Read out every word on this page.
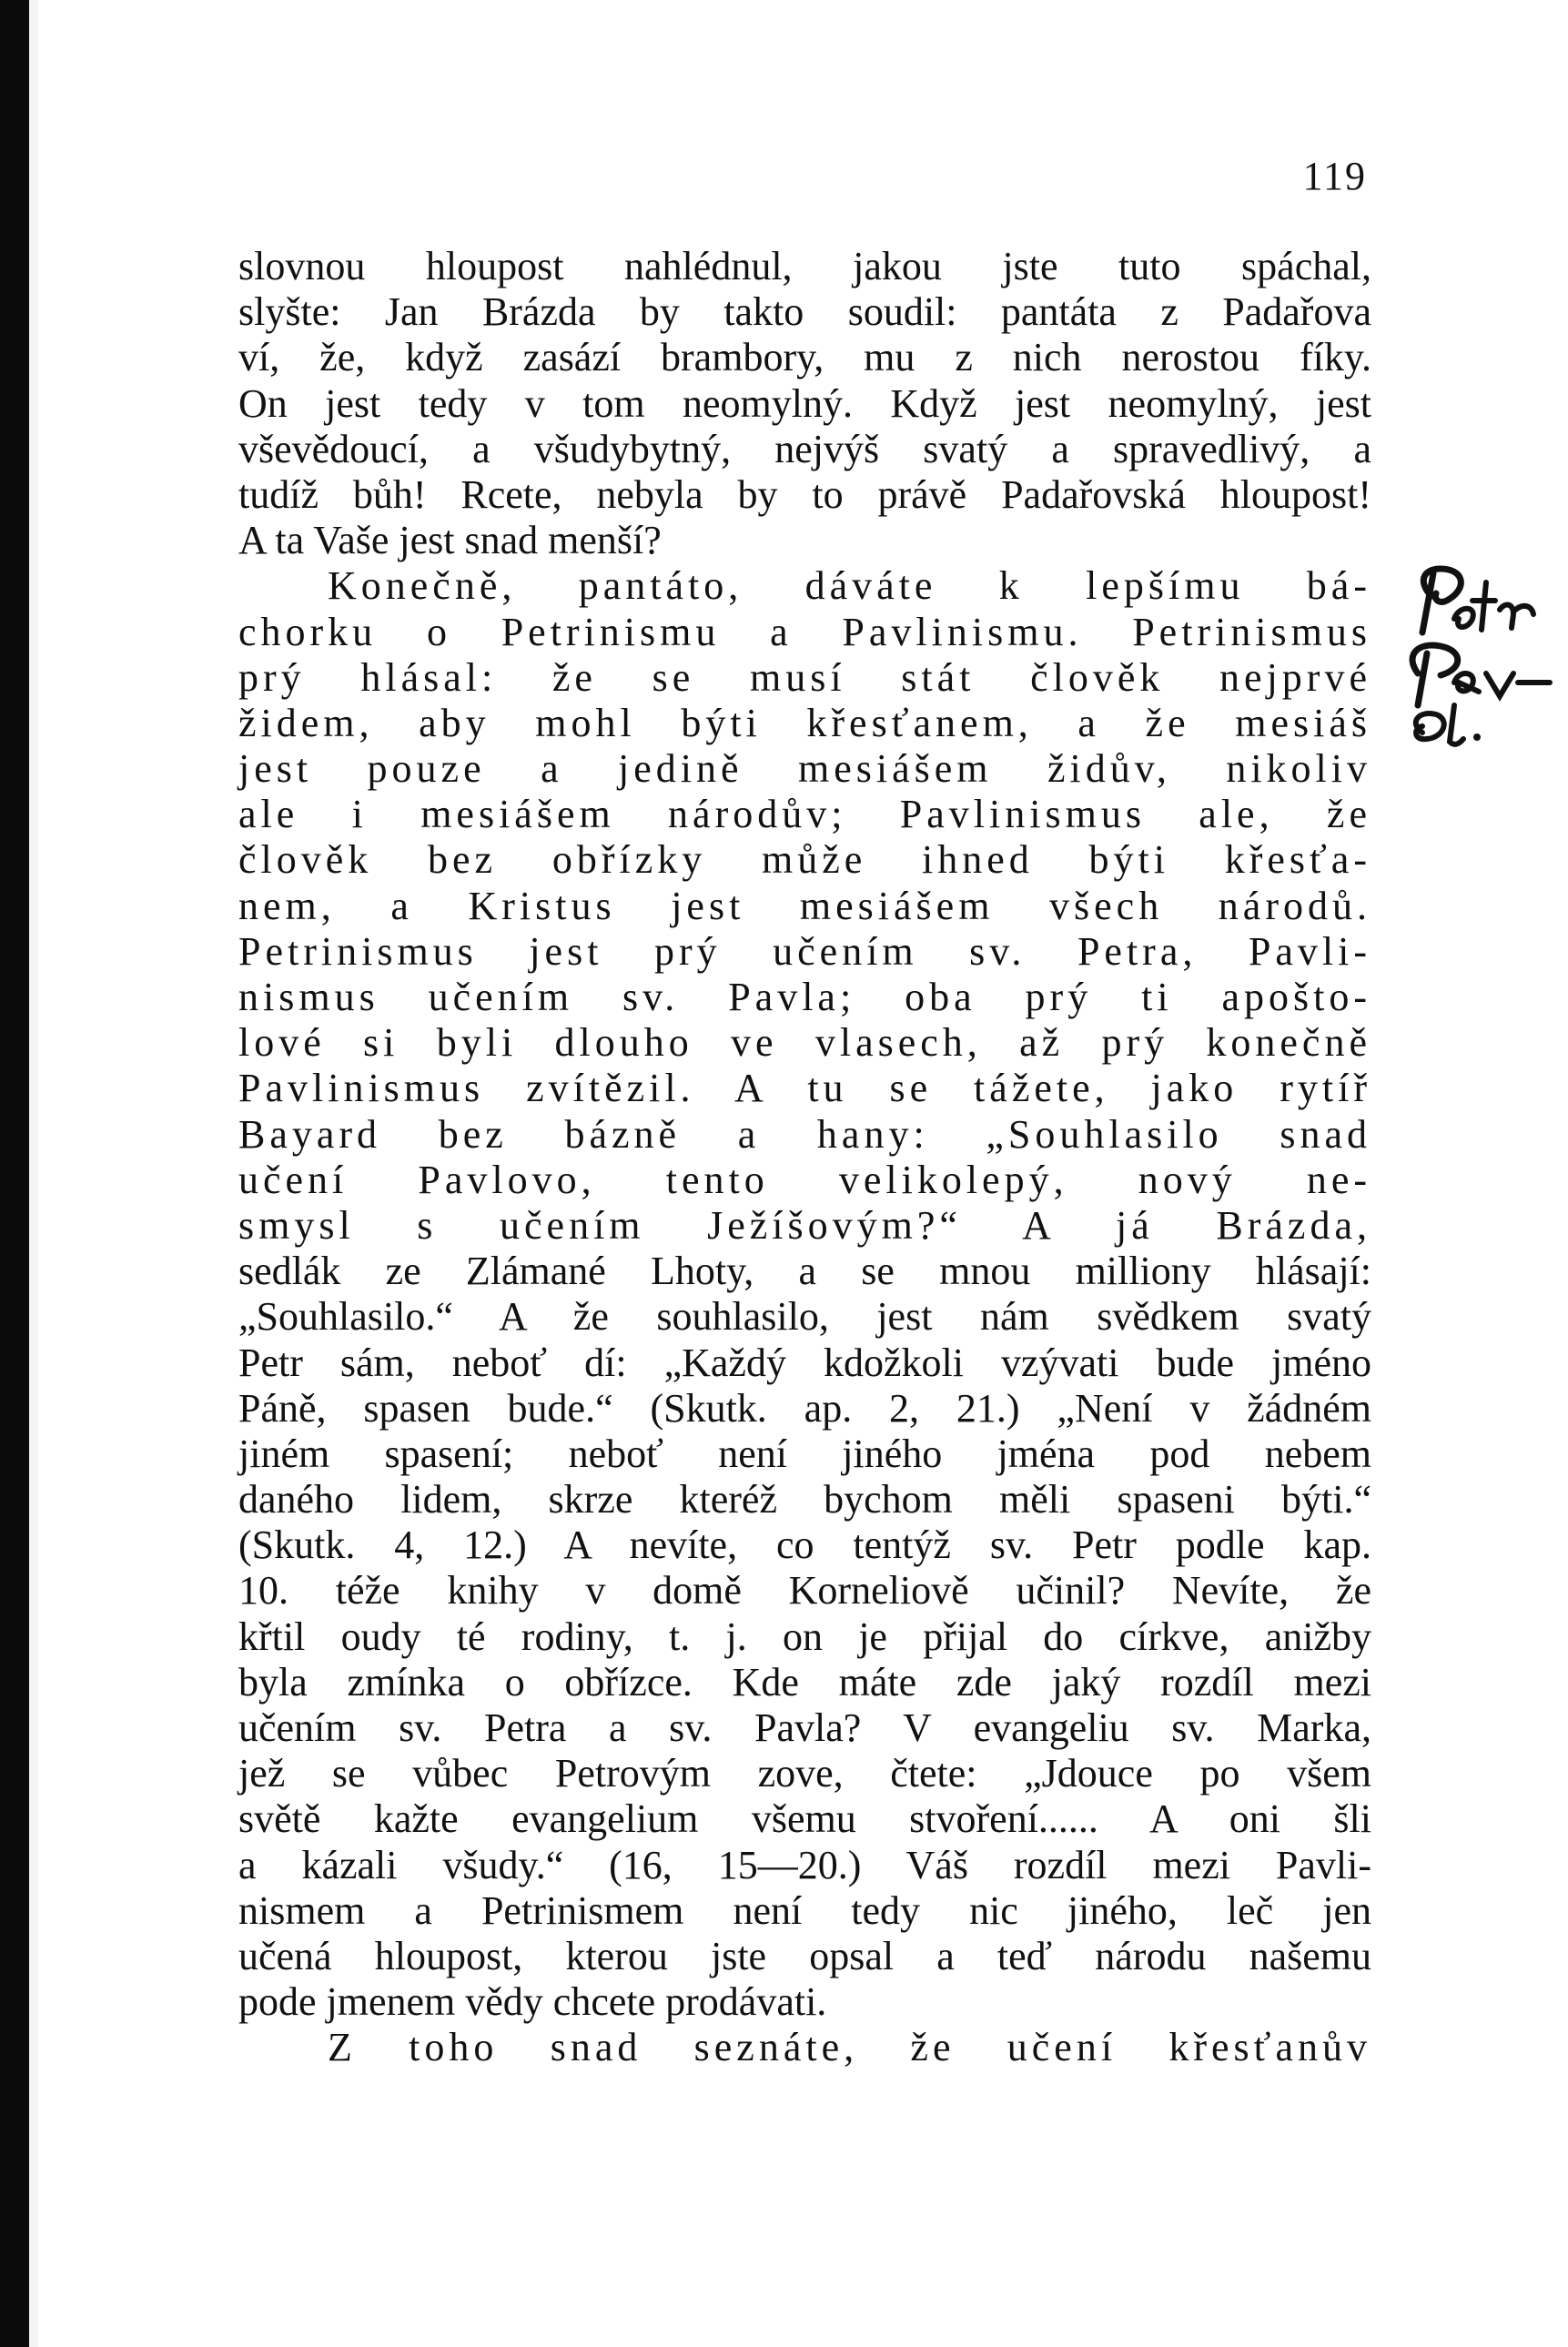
119
slovnou hloupost nahlédnul, jakou jste tuto spáchal,
slyšte: Jan Brázda by takto soudil: pantáta z Padařova
ví, že, když zasází brambory, mu z nich nerostou fíky.
On jest tedy v tom neomylný. Když jest neomylný, jest
vševědoucí, a všudybytný, nejvýš svatý a spravedlivý, a
tudíž bůh! Rcete, nebyla by to právě Padařovská hloupost!
A ta Vaše jest snad menší?
Konečně, pantáto, dáváte k lepšímu bá-
chorku o Petrinismu a Pavlinismu. Petrinismus
prý hlásal: že se musí stát člověk nejprvé
židem, aby mohl býti křesťanem, a že mesiáš
jest pouze a jedině mesiášem židův, nikoliv
ale i mesiášem národův; Pavlinismus ale, že
člověk bez obřízky může ihned býti křesťa-
nem, a Kristus jest mesiášem všech národů.
Petrinismus jest prý učením sv. Petra, Pavli-
nismus učením sv. Pavla; oba prý ti apošto-
lové si byli dlouho ve vlasech, až prý konečně
Pavlinismus zvítězil. A tu se tážete, jako rytíř
Bayard bez bázně a hany: „Souhlasilo snad
učení Pavlovo, tento velikolepý, nový ne-
smysl s učením Ježíšovým?“ A já Brázda,
sedlák ze Zlámané Lhoty, a se mnou milliony hlásají:
„Souhlasilo.“ A že souhlasilo, jest nám svědkem svatý
Petr sám, neboť dí: „Každý kdožkoli vzývati bude jméno
Páně, spasen bude.“ (Skutk. ap. 2, 21.) „Není v žádném
jiném spasení; neboť není jiného jména pod nebem
daného lidem, skrze kteréž bychom měli spaseni býti.“
(Skutk. 4, 12.) A nevíte, co tentýž sv. Petr podle kap.
10. téže knihy v domě Korneliově učinil? Nevíte, že
křtil oudy té rodiny, t. j. on je přijal do církve, anižby
byla zmínka o obřízce. Kde máte zde jaký rozdíl mezi
učením sv. Petra a sv. Pavla? V evangeliu sv. Marka,
jež se vůbec Petrovým zove, čtete: „Jdouce po všem
světě kažte evangelium všemu stvoření...... A oni šli
a kázali všudy.“ (16, 15—20.) Váš rozdíl mezi Pavli-
nismem a Petrinismem není tedy nic jiného, leč jen
učená hloupost, kterou jste opsal a teď národu našemu
pode jmenem vědy chcete prodávati.
Z toho snad seznáte, že učení křesťanův
